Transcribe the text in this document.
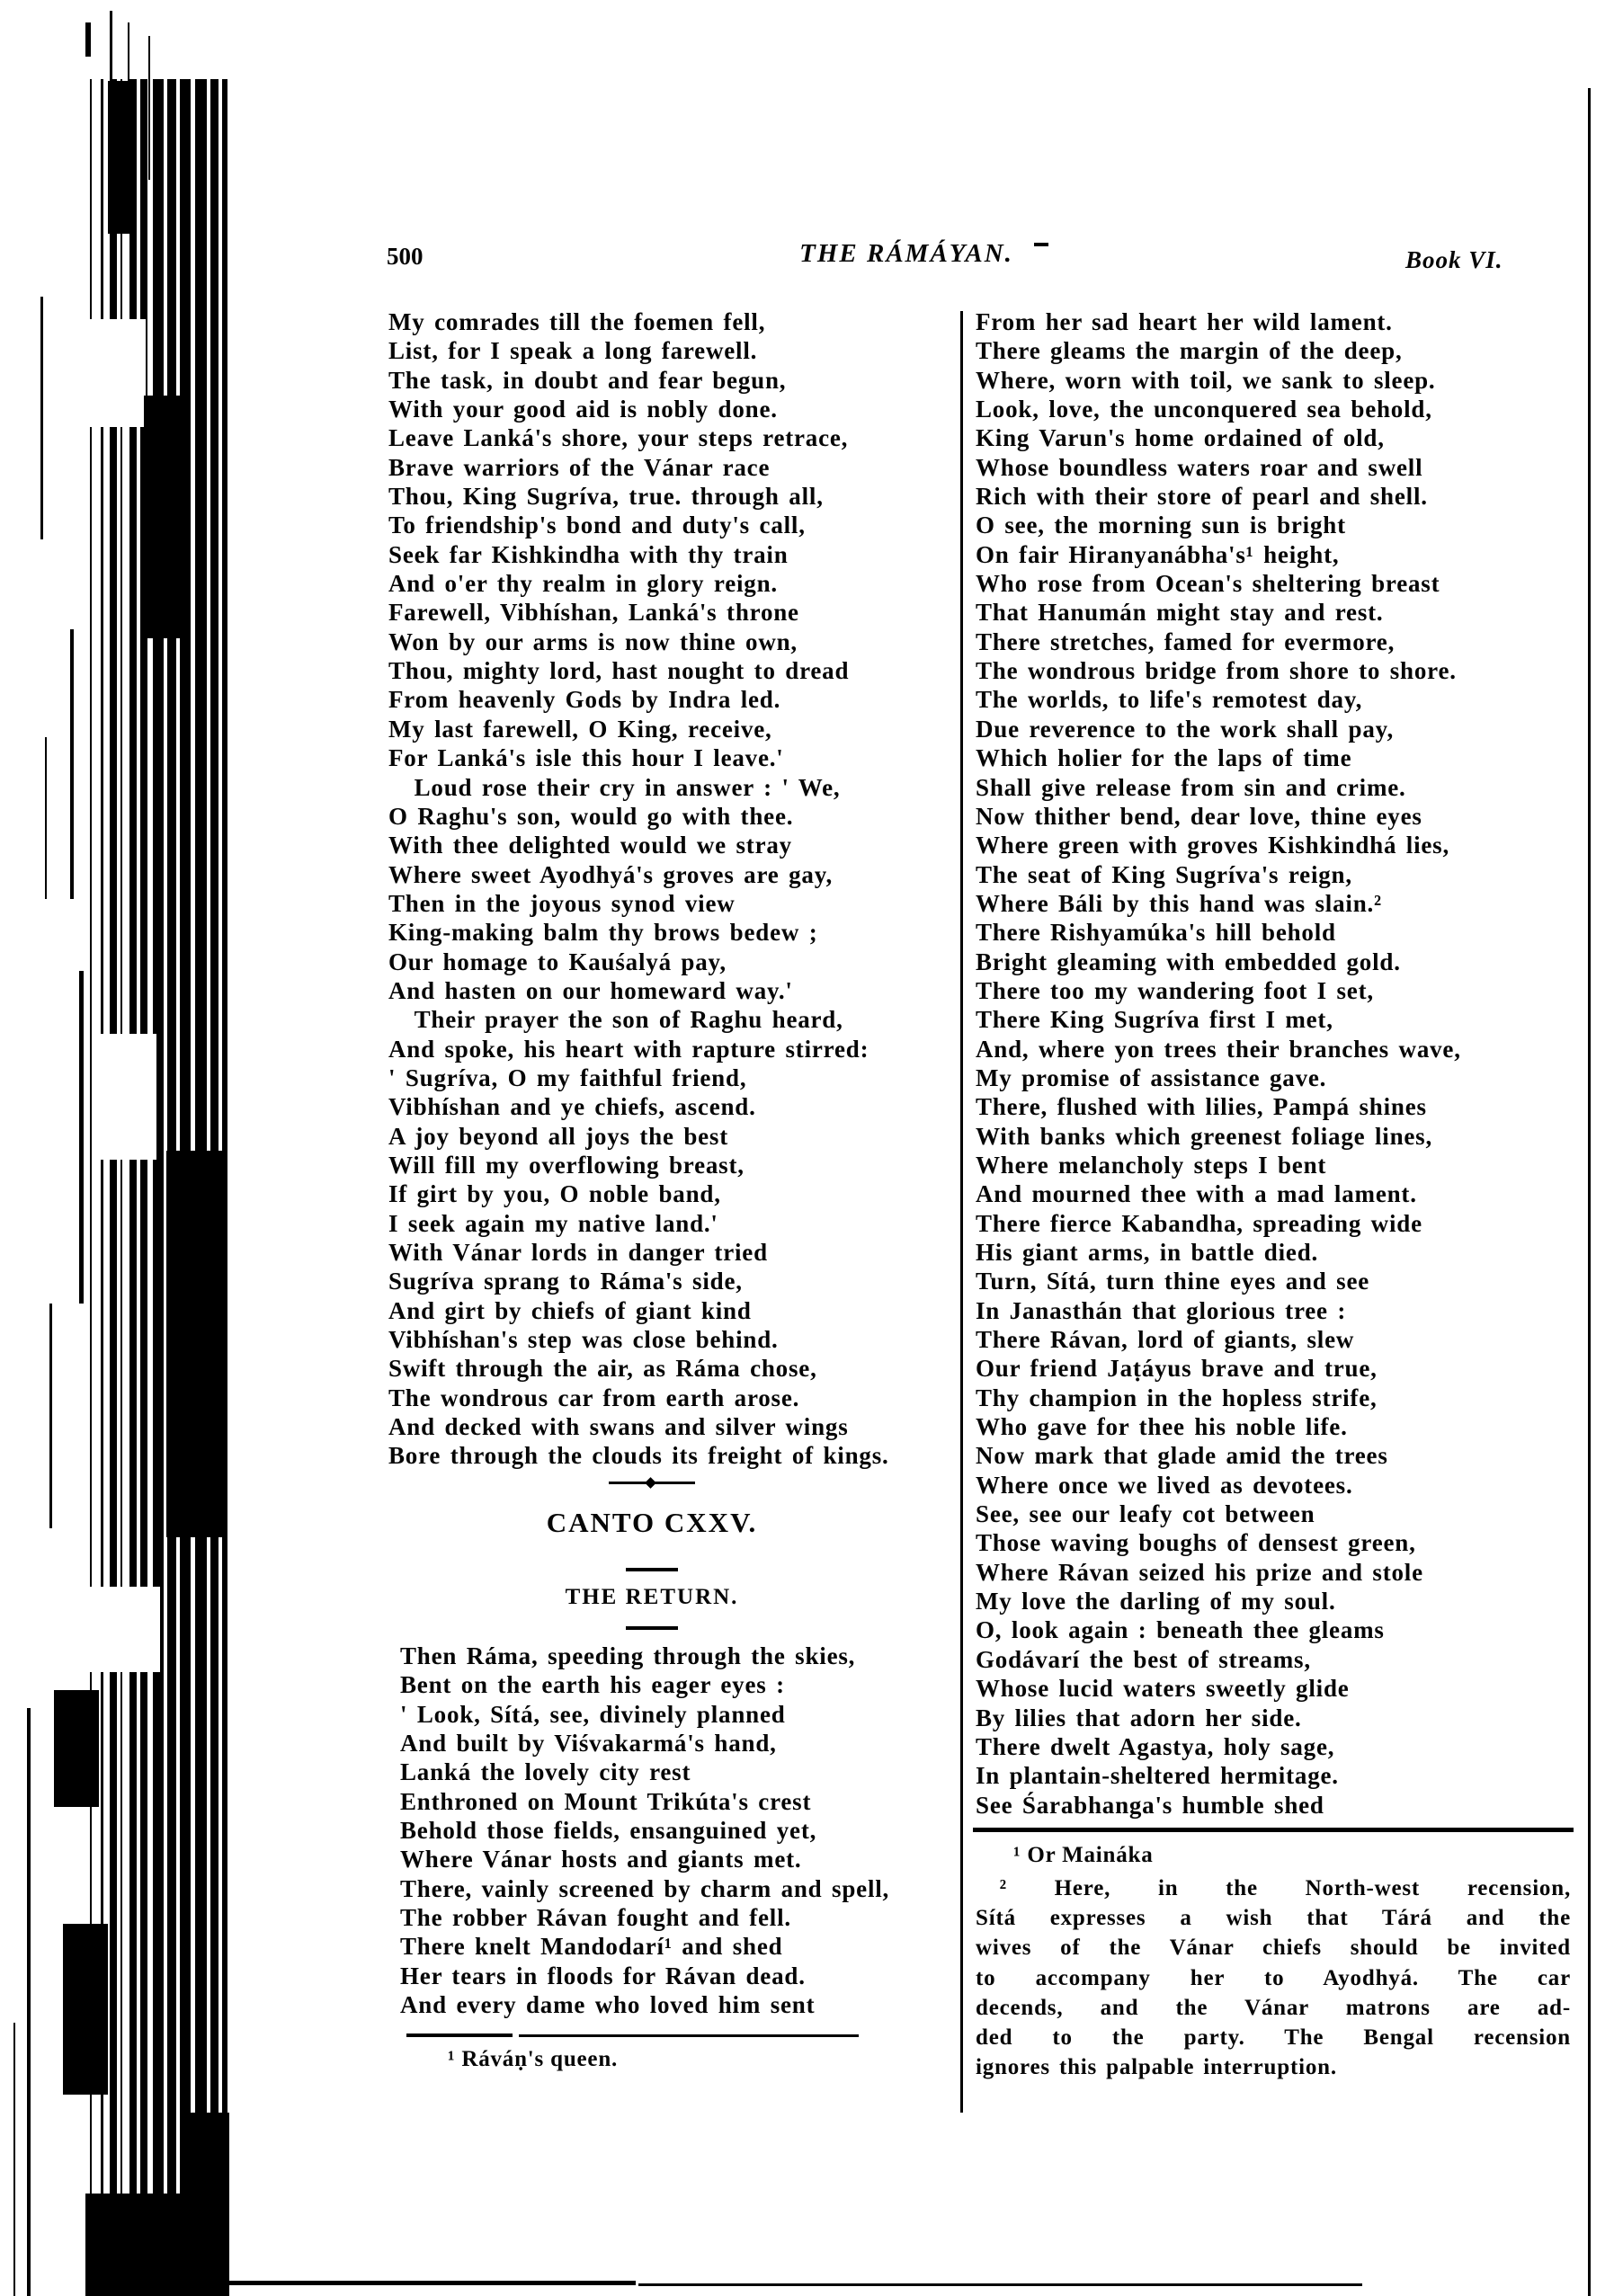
500	THE RÁMÁYAN.	Book VI.
My comrades till the foemen fell,
List, for I speak a long farewell.
The task, in doubt and fear begun,
With your good aid is nobly done.
Leave Lanká's shore, your steps retrace,
Brave warriors of the Vánar race
Thou, King Sugríva, true. through all,
To friendship's bond and duty's call,
Seek far Kishkindha with thy train
And o'er thy realm in glory reign.
Farewell, Vibhíshan, Lanká's throne
Won by our arms is now thine own,
Thou, mighty lord, hast nought to dread
From heavenly Gods by Indra led.
My last farewell, O King, receive,
For Lanká's isle this hour I leave.'
  Loud rose their cry in answer : ' We,
O Raghu's son, would go with thee.
With thee delighted would we stray
Where sweet Ayodhyá's groves are gay,
Then in the joyous synod view
King-making balm thy brows bedew ;
Our homage to Kauśalyá pay,
And hasten on our homeward way.'
  Their prayer the son of Raghu heard,
And spoke, his heart with rapture stirred:
' Sugríva, O my faithful friend,
Vibhíshan and ye chiefs, ascend.
A joy beyond all joys the best
Will fill my overflowing breast,
If girt by you, O noble band,
I seek again my native land.'
With Vánar lords in danger tried
Sugríva sprang to Ráma's side,
And girt by chiefs of giant kind
Vibhíshan's step was close behind.
Swift through the air, as Ráma chose,
The wondrous car from earth arose.
And decked with swans and silver wings
Bore through the clouds its freight of kings.
CANTO CXXV.
THE RETURN.
Then Ráma, speeding through the skies,
Bent on the earth his eager eyes :
' Look, Sítá, see, divinely planned
And built by Viśvakarmá's hand,
Lanká the lovely city rest
Enthroned on Mount Trikúta's crest
Behold those fields, ensanguined yet,
Where Vánar hosts and giants met.
There, vainly screened by charm and spell,
The robber Rávan fought and fell.
There knelt Mandodarí¹ and shed
Her tears in floods for Rávan dead.
And every dame who loved him sent
¹ Ráváṇ's queen.
From her sad heart her wild lament.
There gleams the margin of the deep,
Where, worn with toil, we sank to sleep.
Look, love, the unconquered sea behold,
King Varun's home ordained of old,
Whose boundless waters roar and swell
Rich with their store of pearl and shell.
O see, the morning sun is bright
On fair Hiranyanábha's¹ height,
Who rose from Ocean's sheltering breast
That Hanumán might stay and rest.
There stretches, famed for evermore,
The wondrous bridge from shore to shore.
The worlds, to life's remotest day,
Due reverence to the work shall pay,
Which holier for the laps of time
Shall give release from sin and crime.
Now thither bend, dear love, thine eyes
Where green with groves Kishkindhá lies,
The seat of King Sugríva's reign,
Where Báli by this hand was slain.²
There Rishyamúka's hill behold
Bright gleaming with embedded gold.
There too my wandering foot I set,
There King Sugríva first I met,
And, where yon trees their branches wave,
My promise of assistance gave.
There, flushed with lilies, Pampá shines
With banks which greenest foliage lines,
Where melancholy steps I bent
And mourned thee with a mad lament.
There fierce Kabandha, spreading wide
His giant arms, in battle died.
Turn, Sítá, turn thine eyes and see
In Janasthán that glorious tree :
There Rávan, lord of giants, slew
Our friend Jaṭáyus brave and true,
Thy champion in the hopless strife,
Who gave for thee his noble life.
Now mark that glade amid the trees
Where once we lived as devotees.
See, see our leafy cot between
Those waving boughs of densest green,
Where Rávan seized his prize and stole
My love the darling of my soul.
O, look again : beneath thee gleams
Godávarí the best of streams,
Whose lucid waters sweetly glide
By lilies that adorn her side.
There dwelt Agastya, holy sage,
In plantain-sheltered hermitage.
See Śarabhanga's humble shed
¹ Or Maináka
  ² Here, in the North-west recension,
Sítá expresses a wish that Tárá and the
wives of the Vánar chiefs should be invited
to accompany her to Ayodhyá. The car
decends, and the Vánar matrons are ad-
ded to the party. The Bengal recension
ignores this palpable interruption.
